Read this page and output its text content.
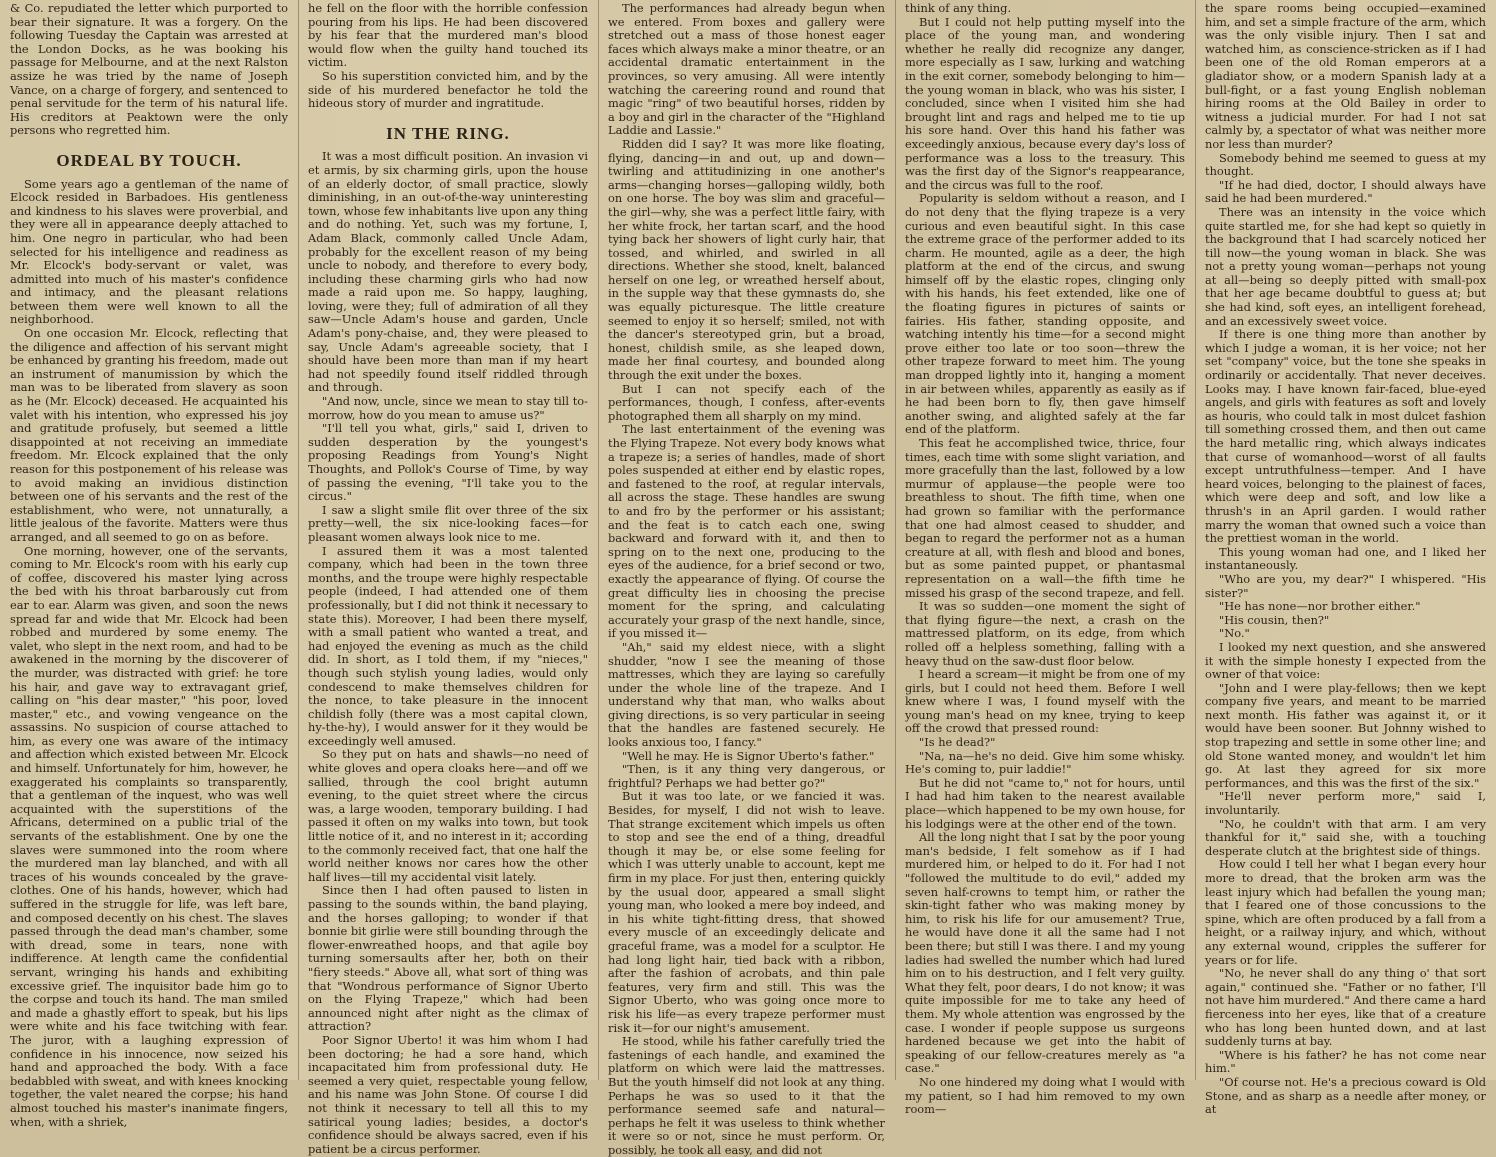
& Co. repudiated the letter which purported to bear their signature. It was a forgery. On the following Tuesday the Captain was arrested at the London Docks, as he was booking his passage for Melbourne, and at the next Ralston assize he was tried by the name of Joseph Vance, on a charge of forgery, and sentenced to penal servitude for the term of his natural life. His creditors at Peaktown were the only persons who regretted him.

ORDEAL BY TOUCH.

Some years ago a gentleman of the name of Elcock resided in Barbadoes. His gentleness and kindness to his slaves were proverbial, and they were all in appearance deeply attached to him. One negro in particular, who had been selected for his intelligence and readiness as Mr. Elcock's body-servant or valet, was admitted into much of his master's confidence and intimacy, and the pleasant relations between them were well known to all the neighborhood.

On one occasion Mr. Elcock, reflecting that the diligence and affection of his servant might be enhanced by granting his freedom, made out an instrument of manumission by which the man was to be liberated from slavery as soon as he (Mr. Elcock) deceased. He acquainted his valet with his intention, who expressed his joy and gratitude profusely, but seemed a little disappointed at not receiving an immediate freedom. Mr. Elcock explained that the only reason for this postponement of his release was to avoid making an invidious distinction between one of his servants and the rest of the establishment, who were, not unnaturally, a little jealous of the favorite. Matters were thus arranged, and all seemed to go on as before.

One morning, however, one of the servants, coming to Mr. Elcock's room with his early cup of coffee, discovered his master lying across the bed with his throat barbarously cut from ear to ear. Alarm was given, and soon the news spread far and wide that Mr. Elcock had been robbed and murdered by some enemy. The valet, who slept in the next room, and had to be awakened in the morning by the discoverer of the murder, was distracted with grief: he tore his hair, and gave way to extravagant grief, calling on "his dear master," "his poor, loved master," etc., and vowing vengeance on the assassins. No suspicion of course attached to him, as every one was aware of the intimacy and affection which existed between Mr. Elcock and himself. Unfortunately for him, however, he exaggerated his complaints so transparently, that a gentleman of the inquest, who was well acquainted with the superstitions of the Africans, determined on a public trial of the servants of the establishment. One by one the slaves were summoned into the room where the murdered man lay blanched, and with all traces of his wounds concealed by the grave-clothes. One of his hands, however, which had suffered in the struggle for life, was left bare, and composed decently on his chest. The slaves passed through the dead man's chamber, some with dread, some in tears, none with indifference. At length came the confidential servant, wringing his hands and exhibiting excessive grief. The inquisitor bade him go to the corpse and touch its hand. The man smiled and made a ghastly effort to speak, but his lips were white and his face twitching with fear. The juror, with a laughing expression of confidence in his innocence, now seized his hand and approached the body. With a face bedabbled with sweat, and with knees knocking together, the valet neared the corpse; his hand almost touched his master's inanimate fingers, when, with a shriek,

he fell on the floor with the horrible confession pouring from his lips. He had been discovered by his fear that the murdered man's blood would flow when the guilty hand touched its victim.

So his superstition convicted him, and by the side of his murdered benefactor he told the hideous story of murder and ingratitude.

IN THE RING.

It was a most difficult position. An invasion vi et armis, by six charming girls, upon the house of an elderly doctor, of small practice, slowly diminishing, in an out-of-the-way uninteresting town, whose few inhabitants live upon any thing and do nothing. Yet, such was my fortune, I, Adam Black, commonly called Uncle Adam, probably for the excellent reason of my being uncle to nobody, and therefore to every body, including these charming girls who had now made a raid upon me. So happy, laughing, loving, were they; full of admiration of all they saw—Uncle Adam's house and garden, Uncle Adam's pony-chaise, and, they were pleased to say, Uncle Adam's agreeable society, that I should have been more than man if my heart had not speedily found itself riddled through and through.

"And now, uncle, since we mean to stay till to-morrow, how do you mean to amuse us?"

"I'll tell you what, girls," said I, driven to sudden desperation by the youngest's proposing Readings from Young's Night Thoughts, and Pollok's Course of Time, by way of passing the evening, "I'll take you to the circus."

I saw a slight smile flit over three of the six pretty—well, the six nice-looking faces—for pleasant women always look nice to me.

I assured them it was a most talented company, which had been in the town three months, and the troupe were highly respectable people (indeed, I had attended one of them professionally, but I did not think it necessary to state this). Moreover, I had been there myself, with a small patient who wanted a treat, and had enjoyed the evening as much as the child did. In short, as I told them, if my "nieces," though such stylish young ladies, would only condescend to make themselves children for the nonce, to take pleasure in the innocent childish folly (there was a most capital clown, hy-the-hy), I would answer for it they would be exceedingly well amused.

So they put on hats and shawls—no need of white gloves and opera cloaks here—and off we sallied, through the cool bright autumn evening, to the quiet street where the circus was, a large wooden, temporary building. I had passed it often on my walks into town, but took little notice of it, and no interest in it; according to the commonly received fact, that one half the world neither knows nor cares how the other half lives—till my accidental visit lately.

Since then I had often paused to listen in passing to the sounds within, the band playing, and the horses galloping; to wonder if that bonnie bit girlie were still bounding through the flower-enwreathed hoops, and that agile boy turning somersaults after her, both on their "fiery steeds." Above all, what sort of thing was that "Wondrous performance of Signor Uberto on the Flying Trapeze," which had been announced night after night as the climax of attraction?

Poor Signor Uberto! it was him whom I had been doctoring; he had a sore hand, which incapacitated him from professional duty. He seemed a very quiet, respectable young fellow, and his name was John Stone. Of course I did not think it necessary to tell all this to my satirical young ladies; besides, a doctor's confidence should be always sacred, even if his patient be a circus performer.

The performances had already begun when we entered. From boxes and gallery were stretched out a mass of those honest eager faces which always make a minor theatre, or an accidental dramatic entertainment in the provinces, so very amusing. All were intently watching the careering round and round that magic "ring" of two beautiful horses, ridden by a boy and girl in the character of the "Highland Laddie and Lassie."

Ridden did I say? It was more like floating, flying, dancing—in and out, up and down—twirling and attitudinizing in one another's arms—changing horses—galloping wildly, both on one horse. The boy was slim and graceful—the girl—why, she was a perfect little fairy, with her white frock, her tartan scarf, and the hood tying back her showers of light curly hair, that tossed, and whirled, and swirled in all directions. Whether she stood, knelt, balanced herself on one leg, or wreathed herself about, in the supple way that these gymnasts do, she was equally picturesque. The little creature seemed to enjoy it so herself; smiled, not with the dancer's stereotyped grin, but a broad, honest, childish smile, as she leaped down, made her final courtesy, and bounded along through the exit under the boxes.

But I can not specify each of the performances, though, I confess, after-events photographed them all sharply on my mind.

The last entertainment of the evening was the Flying Trapeze. Not every body knows what a trapeze is; a series of handles, made of short poles suspended at either end by elastic ropes, and fastened to the roof, at regular intervals, all across the stage. These handles are swung to and fro by the performer or his assistant; and the feat is to catch each one, swing backward and forward with it, and then to spring on to the next one, producing to the eyes of the audience, for a brief second or two, exactly the appearance of flying. Of course the great difficulty lies in choosing the precise moment for the spring, and calculating accurately your grasp of the next handle, since, if you missed it—

"Ah," said my eldest niece, with a slight shudder, "now I see the meaning of those mattresses, which they are laying so carefully under the whole line of the trapeze. And I understand why that man, who walks about giving directions, is so very particular in seeing that the handles are fastened securely. He looks anxious too, I fancy."

"Well he may. He is Signor Uberto's father."

"Then, is it any thing very dangerous, or frightful? Perhaps we had better go?"

But it was too late, or we fancied it was. Besides, for myself, I did not wish to leave. That strange excitement which impels us often to stop and see the end of a thing, dreadful though it may be, or else some feeling for which I was utterly unable to account, kept me firm in my place. For just then, entering quickly by the usual door, appeared a small slight young man, who looked a mere boy indeed, and in his white tight-fitting dress, that showed every muscle of an exceedingly delicate and graceful frame, was a model for a sculptor. He had long light hair, tied back with a ribbon, after the fashion of acrobats, and thin pale features, very firm and still. This was the Signor Uberto, who was going once more to risk his life—as every trapeze performer must risk it—for our night's amusement.

He stood, while his father carefully tried the fastenings of each handle, and examined the platform on which were laid the mattresses. But the youth himself did not look at any thing. Perhaps he was so used to it that the performance seemed safe and natural—perhaps he felt it was useless to think whether it were so or not, since he must perform. Or, possibly, he took all easy, and did not

think of any thing.

But I could not help putting myself into the place of the young man, and wondering whether he really did recognize any danger, more especially as I saw, lurking and watching in the exit corner, somebody belonging to him—the young woman in black, who was his sister, I concluded, since when I visited him she had brought lint and rags and helped me to tie up his sore hand. Over this hand his father was exceedingly anxious, because every day's loss of performance was a loss to the treasury. This was the first day of the Signor's reappearance, and the circus was full to the roof.

Popularity is seldom without a reason, and I do not deny that the flying trapeze is a very curious and even beautiful sight. In this case the extreme grace of the performer added to its charm. He mounted, agile as a deer, the high platform at the end of the circus, and swung himself off by the elastic ropes, clinging only with his hands, his feet extended, like one of the floating figures in pictures of saints or fairies. His father, standing opposite, and watching intently his time—for a second might prove either too late or too soon—threw the other trapeze forward to meet him. The young man dropped lightly into it, hanging a moment in air between whiles, apparently as easily as if he had been born to fly, then gave himself another swing, and alighted safely at the far end of the platform.

This feat he accomplished twice, thrice, four times, each time with some slight variation, and more gracefully than the last, followed by a low murmur of applause—the people were too breathless to shout. The fifth time, when one had grown so familiar with the performance that one had almost ceased to shudder, and began to regard the performer not as a human creature at all, with flesh and blood and bones, but as some painted puppet, or phantasmal representation on a wall—the fifth time he missed his grasp of the second trapeze, and fell.

It was so sudden—one moment the sight of that flying figure—the next, a crash on the mattressed platform, on its edge, from which rolled off a helpless something, falling with a heavy thud on the saw-dust floor below.

I heard a scream—it might be from one of my girls, but I could not heed them. Before I well knew where I was, I found myself with the young man's head on my knee, trying to keep off the crowd that pressed round:

"Is he dead?"

"Na, na—he's no deid. Give him some whisky. He's coming to, puir laddie!"

But he did not "came to," not for hours, until I had had him taken to the nearest available place—which happened to be my own house, for his lodgings were at the other end of the town.

All the long night that I sat by the poor young man's bedside, I felt somehow as if I had murdered him, or helped to do it. For had I not "followed the multitude to do evil," added my seven half-crowns to tempt him, or rather the skin-tight father who was making money by him, to risk his life for our amusement? True, he would have done it all the same had I not been there; but still I was there. I and my young ladies had swelled the number which had lured him on to his destruction, and I felt very guilty. What they felt, poor dears, I do not know; it was quite impossible for me to take any heed of them. My whole attention was engrossed by the case. I wonder if people suppose us surgeons hardened because we get into the habit of speaking of our fellow-creatures merely as "a case."

No one hindered my doing what I would with my patient, so I had him removed to my own room—

the spare rooms being occupied—examined him, and set a simple fracture of the arm, which was the only visible injury. Then I sat and watched him, as conscience-stricken as if I had been one of the old Roman emperors at a gladiator show, or a modern Spanish lady at a bull-fight, or a fast young English nobleman hiring rooms at the Old Bailey in order to witness a judicial murder. For had I not sat calmly by, a spectator of what was neither more nor less than murder?

Somebody behind me seemed to guess at my thought.

"If he had died, doctor, I should always have said he had been murdered."

There was an intensity in the voice which quite startled me, for she had kept so quietly in the background that I had scarcely noticed her till now—the young woman in black. She was not a pretty young woman—perhaps not young at all—being so deeply pitted with small-pox that her age became doubtful to guess at; but she had kind, soft eyes, an intelligent forehead, and an excessively sweet voice.

If there is one thing more than another by which I judge a woman, it is her voice; not her set "company" voice, but the tone she speaks in ordinarily or accidentally. That never deceives. Looks may. I have known fair-faced, blue-eyed angels, and girls with features as soft and lovely as houris, who could talk in most dulcet fashion till something crossed them, and then out came the hard metallic ring, which always indicates that curse of womanhood—worst of all faults except untruthfulness—temper. And I have heard voices, belonging to the plainest of faces, which were deep and soft, and low like a thrush's in an April garden. I would rather marry the woman that owned such a voice than the prettiest woman in the world.

This young woman had one, and I liked her instantaneously.

"Who are you, my dear?" I whispered. "His sister?"

"He has none—nor brother either."

"His cousin, then?"

"No."

I looked my next question, and she answered it with the simple honesty I expected from the owner of that voice:

"John and I were play-fellows; then we kept company five years, and meant to be married next month. His father was against it, or it would have been sooner. But Johnny wished to stop trapezing and settle in some other line; and old Stone wanted money, and wouldn't let him go. At last they agreed for six more performances, and this was the first of the six."

"He'll never perform more," said I, involuntarily.

"No, he couldn't with that arm. I am very thankful for it," said she, with a touching desperate clutch at the brightest side of things.

How could I tell her what I began every hour more to dread, that the broken arm was the least injury which had befallen the young man; that I feared one of those concussions to the spine, which are often produced by a fall from a height, or a railway injury, and which, without any external wound, cripples the sufferer for years or for life.

"No, he never shall do any thing o' that sort again," continued she. "Father or no father, I'll not have him murdered." And there came a hard fierceness into her eyes, like that of a creature who has long been hunted down, and at last suddenly turns at bay.

"Where is his father? he has not come near him."

"Of course not. He's a precious coward is Old Stone, and as sharp as a needle after money, or at
